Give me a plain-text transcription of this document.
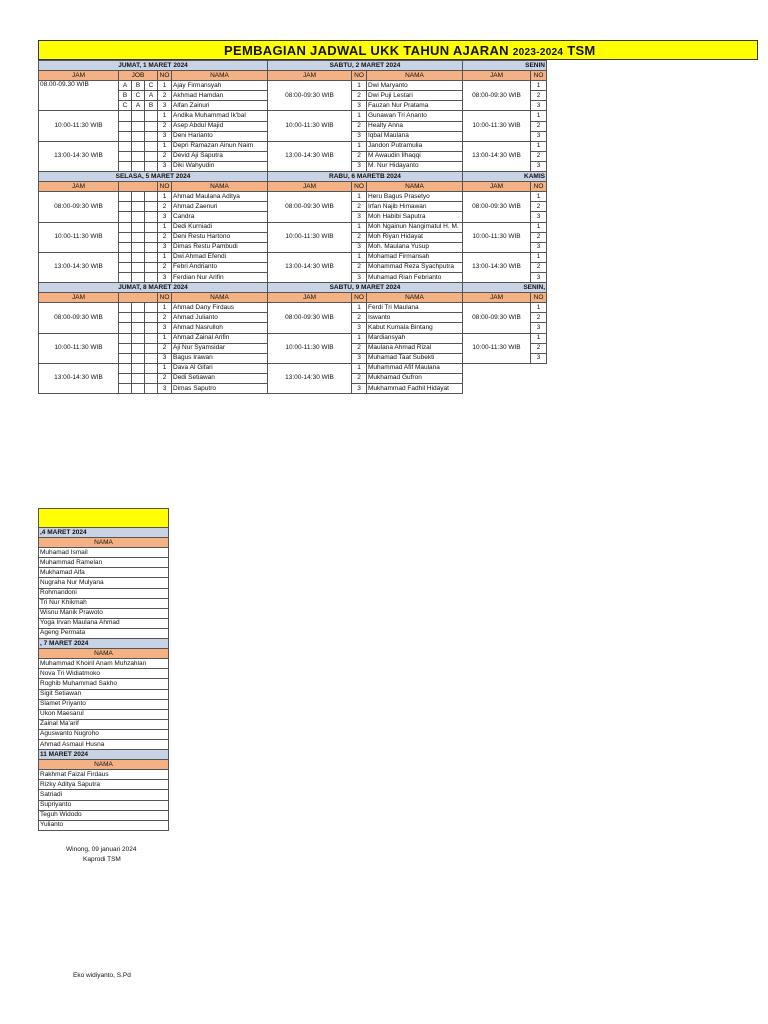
PEMBAGIAN JADWAL UKK TAHUN AJARAN 2023-2024 TSM
JUMAT, 1 MARET 2024						SABTU, 2 MARET 2024			SENIN	
JAM	JOB			NO	NAMA	JAM	NO	NAMA	JAM	NO
08.00-09.30 WIB	A	B	C	1	Ajay Firmansyah	08:00-09:30 WIB	1	Dwi Maryanto	08:00-09:30 WIB	1
	B	C	A	2	Akhmad Hamdan		2	Dwi Puji Lestari		2
	C	A	B	3	Alfan Zainuri		3	Fauzan Nur Pratama		3
10:00-11:30 WIB				1	Andika Muhammad Ik'bal	10:00-11:30 WIB	1	Gunawan Tri Ananto	10:00-11:30 WIB	1
				2	Asep Abdul Majid		2	Healty Anna		2
				3	Deni Harianto		3	Iqbal Maulana		3
13:00-14:30 WIB				1	Depri Ramazan Ainun Naim	13:00-14:30 WIB	1	Jandon Putramulia	13:00-14:30 WIB	1
				2	Devid Aji Saputra		2	M Awaudin Ilhaqqi		2
				3	Diki Wahyudin		3	M. Nur Hidayanto		3
SELASA, 5 MARET 2024						RABU, 6 MARETB 2024			KAMIS	
JAM				NO	NAMA	JAM	NO	NAMA	JAM	NO
08:00-09:30 WIB				1	Ahmad Maulana Aditya	08:00-09:30 WIB	1	Heru Bagus Prasetyo	08:00-09:30 WIB	1
				2	Ahmad Zaenuri		2	Irfan Najib Himawan		2
				3	Candra		3	Moh Habibi Saputra		3
10:00-11:30 WIB				1	Dedi Kurniadi	10:00-11:30 WIB	1	Moh Ngainun Nangimatul H. M.	10:00-11:30 WIB	1
				2	Deni Restu Hartono		2	Moh Riyan Hidayat		2
				3	Dimas Restu Pambudi		3	Moh. Maulana Yusup		3
13:00-14:30 WIB				1	Dwi Ahmad Efendi	13:00-14:30 WIB	1	Mohamad Firmansah	13:00-14:30 WIB	1
				2	Febri Andrianto		2	Mohammad Reza Syachputra		2
				3	Ferdian Nur Arifin		3	Muhamad Rian Febrianto		3
JUMAT, 8 MARET 2024						SABTU, 9 MARET 2024			SENIN,	
JAM				NO	NAMA	JAM	NO	NAMA	JAM	NO
08:00-09:30 WIB				1	Ahmad Dany Firdaus	08:00-09:30 WIB	1	Ferdi Tri Maulana	08:00-09:30 WIB	1
				2	Ahmad Julianto		2	Iswanto		2
				3	Ahmad Nasrulloh		3	Kabut Kumala Bintang		3
10:00-11:30 WIB				1	Ahmad Zainal Arifin	10:00-11:30 WIB	1	Mardiansyah	10:00-11:30 WIB	1
				2	Aji Nur Syamsidar		2	Maulana Ahmad Rizal		2
				3	Bagus Irawan		3	Muhamad Taat Subekti		3
13:00-14:30 WIB				1	Dava Al Gifari	13:00-14:30 WIB	1	Muhammad Afif Maulana		
				2	Dedi Setiawan		2	Mukhamad Gufron		
				3	Dimas Saputro		3	Mukhammad Fadhil Hidayat		

,4 MARET 2024
NAMA
Muhamad Ismail
Muhammad Ramelan
Mukhamad Alfa
Nugraha Nur Mulyana
Rohmandoni
Tri Nur Khikmah
Wisnu Manik Prawoto
Yoga Irvan Maulana Ahmad
Ageng Permata
, 7 MARET 2024
NAMA
Muhammad Khoiril Anam Muhzahlan
Nova Tri Widiatmoko
Roghib Muhammad Sakho
Sigit Setiawan
Slamet Priyanto
Ukon Maesarul
Zainal Ma'arif
Aguswanto Nugroho
Ahmad Asmaul Husna
11 MARET 2024
NAMA
Rakhmat Faizal Firdaus
Rizky Aditya Saputra
Satriadi
Supriyanto
Teguh Widodo
Yulianto
Winong, 09 januari 2024
Kaprodi TSM
Eko widiyanto, S.Pd
